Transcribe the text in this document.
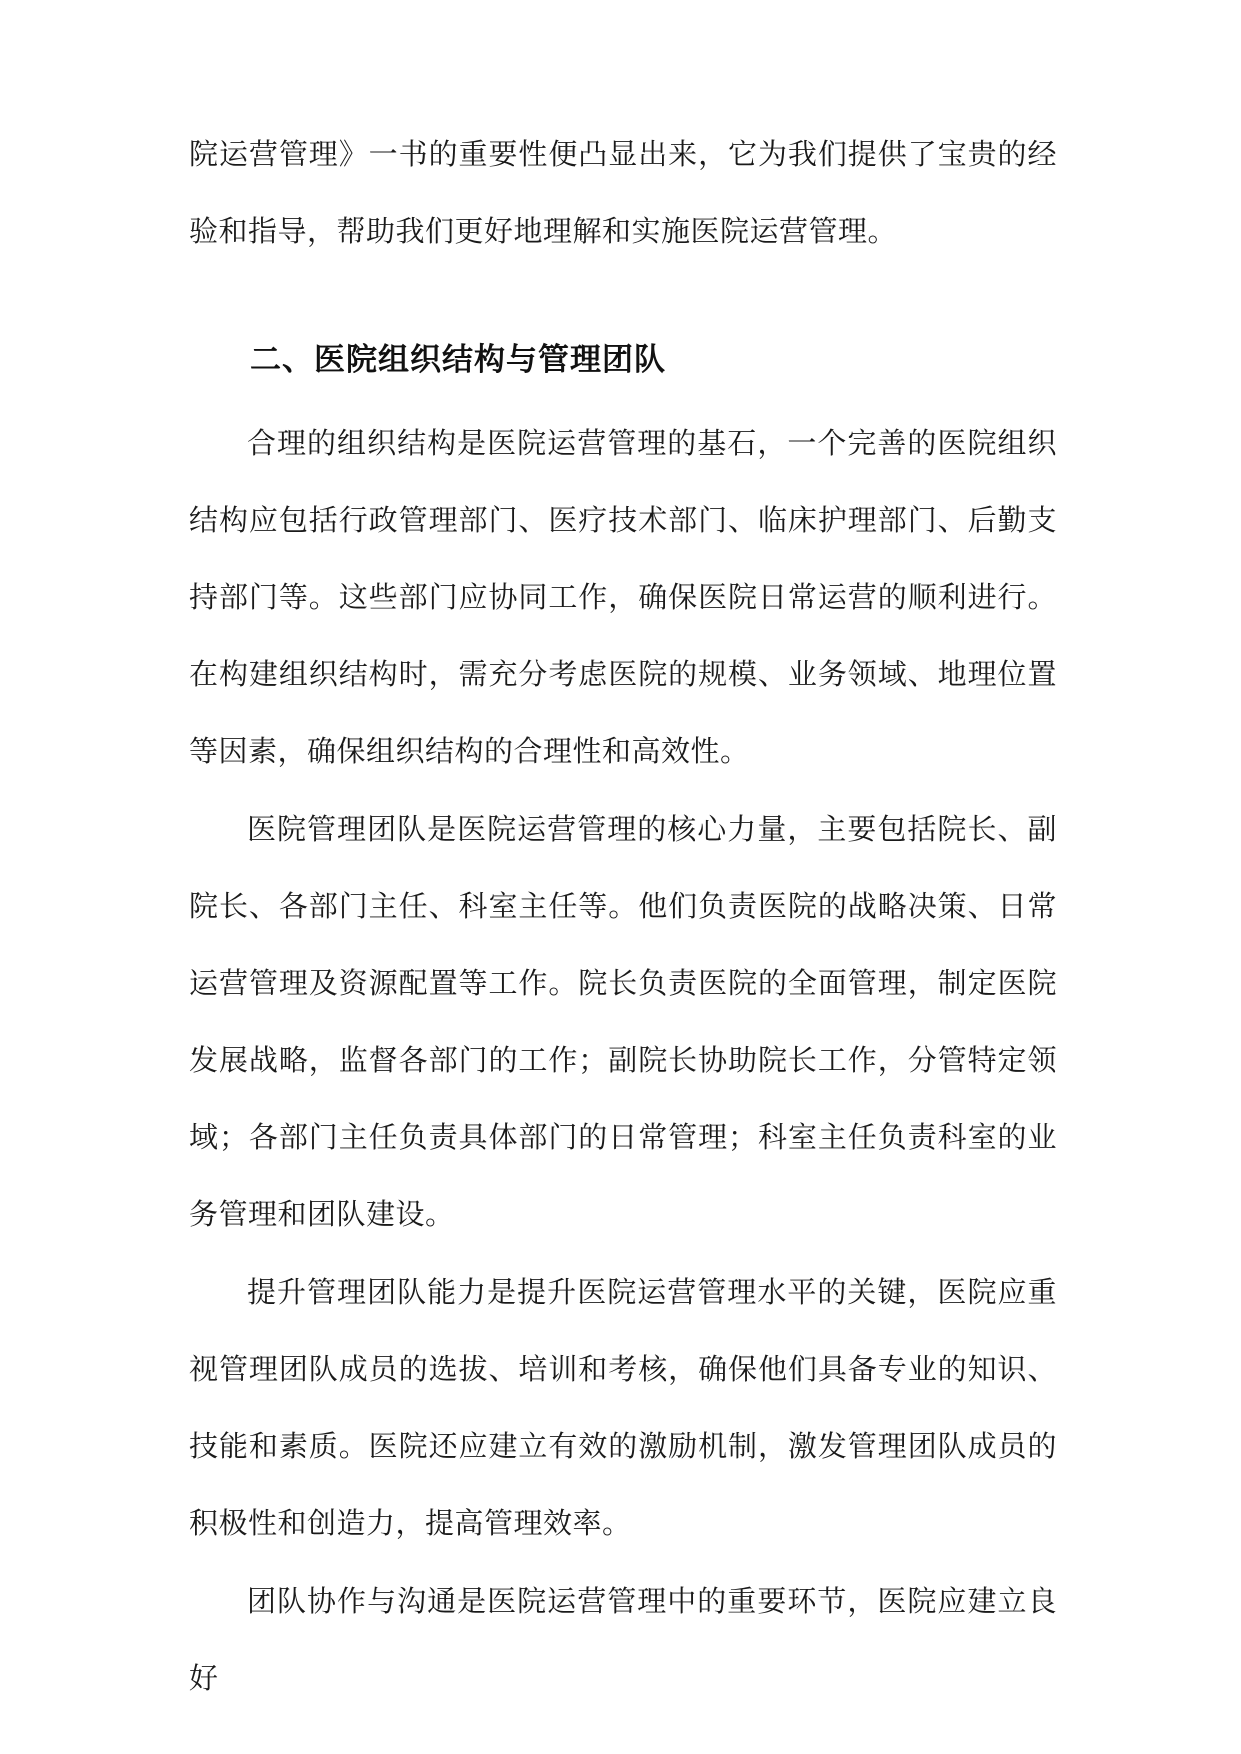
院运营管理》一书的重要性便凸显出来，它为我们提供了宝贵的经验和指导，帮助我们更好地理解和实施医院运营管理。
二、医院组织结构与管理团队
合理的组织结构是医院运营管理的基石，一个完善的医院组织结构应包括行政管理部门、医疗技术部门、临床护理部门、后勤支持部门等。这些部门应协同工作，确保医院日常运营的顺利进行。在构建组织结构时，需充分考虑医院的规模、业务领域、地理位置等因素，确保组织结构的合理性和高效性。
医院管理团队是医院运营管理的核心力量，主要包括院长、副院长、各部门主任、科室主任等。他们负责医院的战略决策、日常运营管理及资源配置等工作。院长负责医院的全面管理，制定医院发展战略，监督各部门的工作；副院长协助院长工作，分管特定领域；各部门主任负责具体部门的日常管理；科室主任负责科室的业务管理和团队建设。
提升管理团队能力是提升医院运营管理水平的关键，医院应重视管理团队成员的选拔、培训和考核，确保他们具备专业的知识、技能和素质。医院还应建立有效的激励机制，激发管理团队成员的积极性和创造力，提高管理效率。
团队协作与沟通是医院运营管理中的重要环节，医院应建立良好
